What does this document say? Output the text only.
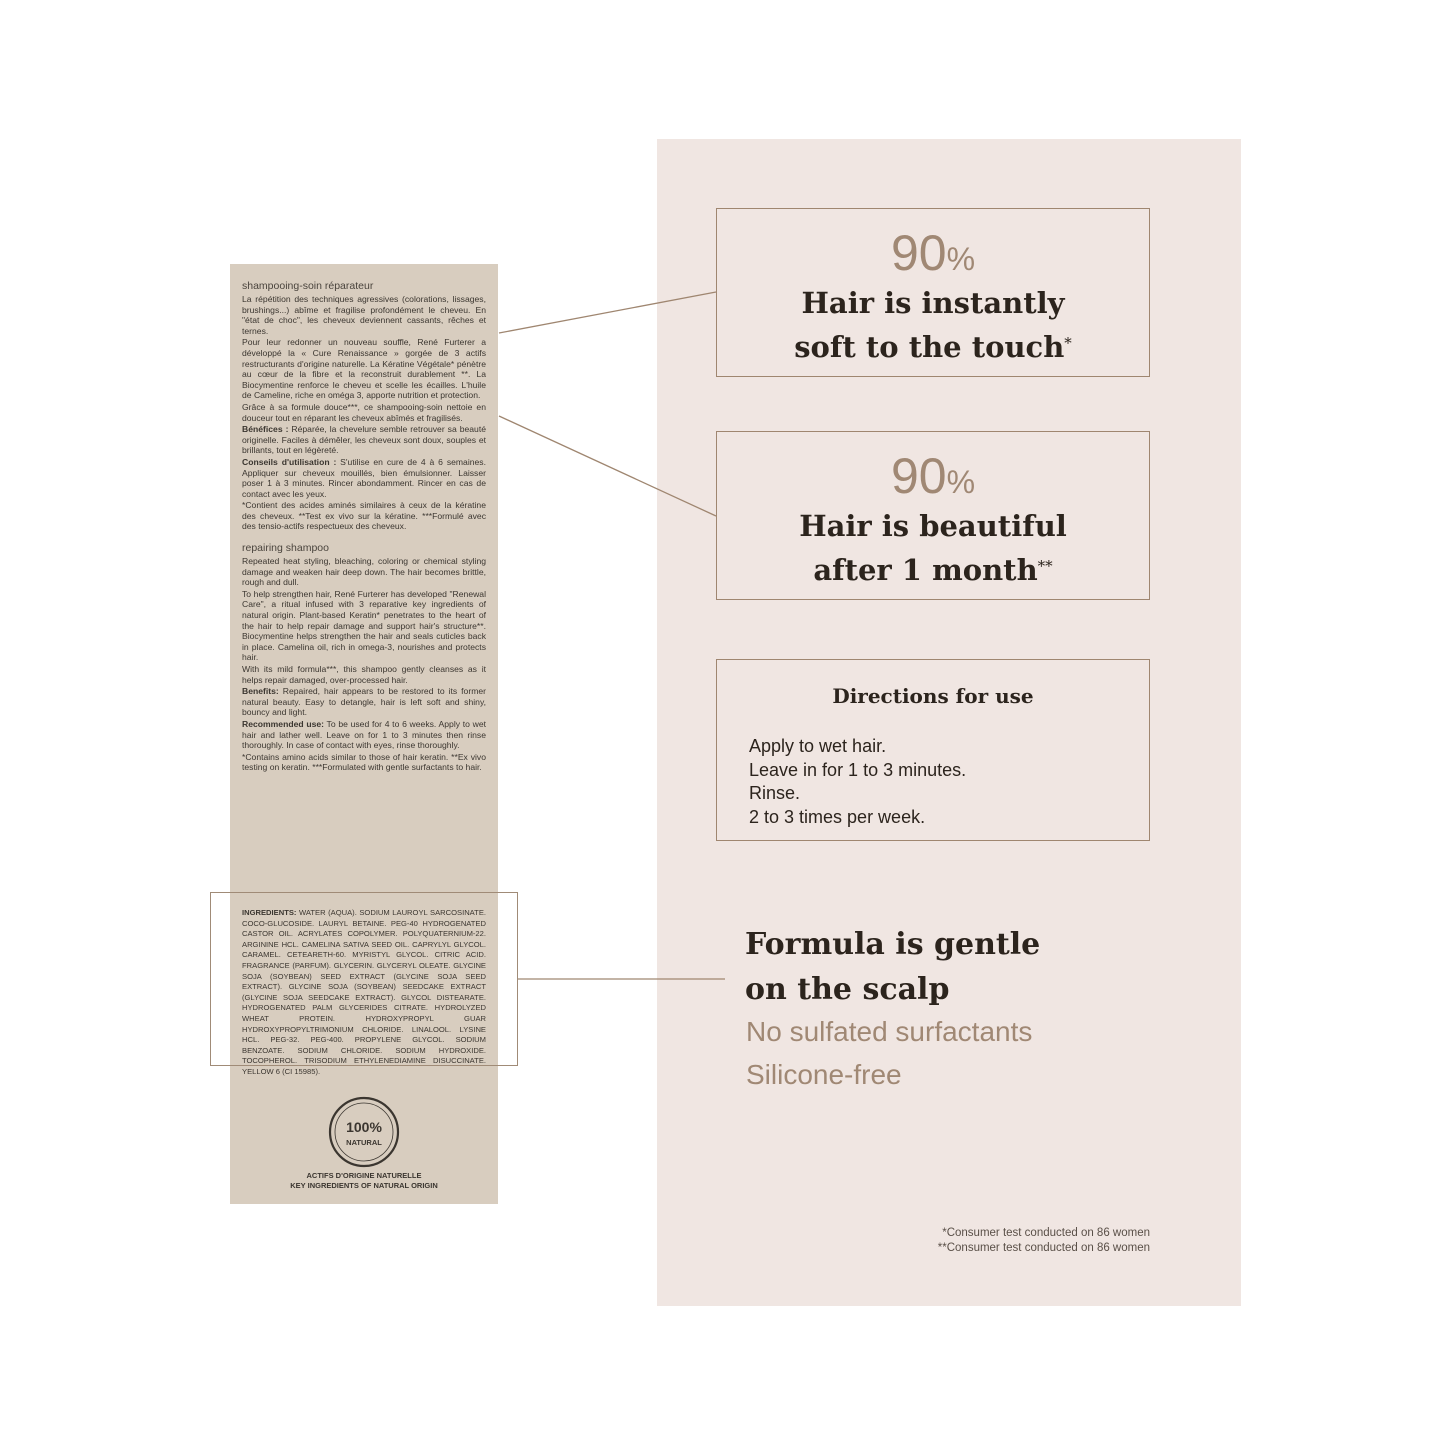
shampooing-soin réparateur

La répétition des techniques agressives (colorations, lissages, brushings...) abîme et fragilise profondément le cheveu. En "état de choc", les cheveux deviennent cassants, rêches et ternes.

Pour leur redonner un nouveau souffle, René Furterer a développé la « Cure Renaissance » gorgée de 3 actifs restructurants d'origine naturelle. La Kératine Végétale* pénètre au cœur de la fibre et la reconstruit durablement **. La Biocymentine renforce le cheveu et scelle les écailles. L'huile de Cameline, riche en oméga 3, apporte nutrition et protection.

Grâce à sa formule douce***, ce shampooing-soin nettoie en douceur tout en réparant les cheveux abîmés et fragilisés.

Bénéfices : Réparée, la chevelure semble retrouver sa beauté originelle. Faciles à démêler, les cheveux sont doux, souples et brillants, tout en légèreté.

Conseils d'utilisation : S'utilise en cure de 4 à 6 semaines. Appliquer sur cheveux mouillés, bien émulsionner. Laisser poser 1 à 3 minutes. Rincer abondamment. Rincer en cas de contact avec les yeux.

*Contient des acides aminés similaires à ceux de la kératine des cheveux. **Test ex vivo sur la kératine. ***Formulé avec des tensio-actifs respectueux des cheveux.

repairing shampoo

Repeated heat styling, bleaching, coloring or chemical styling damage and weaken hair deep down. The hair becomes brittle, rough and dull.

To help strengthen hair, René Furterer has developed "Renewal Care", a ritual infused with 3 reparative key ingredients of natural origin. Plant-based Keratin* penetrates to the heart of the hair to help repair damage and support hair's structure**. Biocymentine helps strengthen the hair and seals cuticles back in place. Camelina oil, rich in omega-3, nourishes and protects hair.

With its mild formula***, this shampoo gently cleanses as it helps repair damaged, over-processed hair.

Benefits: Repaired, hair appears to be restored to its former natural beauty. Easy to detangle, hair is left soft and shiny, bouncy and light.

Recommended use: To be used for 4 to 6 weeks. Apply to wet hair and lather well. Leave on for 1 to 3 minutes then rinse thoroughly. In case of contact with eyes, rinse thoroughly.

*Contains amino acids similar to those of hair keratin. **Ex vivo testing on keratin. ***Formulated with gentle surfactants to hair.

INGREDIENTS: WATER (AQUA). SODIUM LAUROYL SARCOSINATE. COCO-GLUCOSIDE. LAURYL BETAINE. PEG-40 HYDROGENATED CASTOR OIL. ACRYLATES COPOLYMER. POLYQUATERNIUM-22. ARGININE HCL. CAMELINA SATIVA SEED OIL. CAPRYLYL GLYCOL. CARAMEL. CETEARETH-60. MYRISTYL GLYCOL. CITRIC ACID. FRAGRANCE (PARFUM). GLYCERIN. GLYCERYL OLEATE. GLYCINE SOJA (SOYBEAN) SEED EXTRACT (GLYCINE SOJA SEED EXTRACT). GLYCINE SOJA (SOYBEAN) SEEDCAKE EXTRACT (GLYCINE SOJA SEEDCAKE EXTRACT). GLYCOL DISTEARATE. HYDROGENATED PALM GLYCERIDES CITRATE. HYDROLYZED WHEAT PROTEIN. HYDROXYPROPYL GUAR HYDROXYPROPYLTRIMONIUM CHLORIDE. LINALOOL. LYSINE HCL. PEG-32. PEG-400. PROPYLENE GLYCOL. SODIUM BENZOATE. SODIUM CHLORIDE. SODIUM HYDROXIDE. TOCOPHEROL. TRISODIUM ETHYLENEDIAMINE DISUCCINATE. YELLOW 6 (CI 15985).
100%
NATURAL
ACTIFS D'ORIGINE NATURELLE
KEY INGREDIENTS OF NATURAL ORIGIN
90%
Hair is instantly
soft to the touch*
90%
Hair is beautiful
after 1 month**
Directions for use
Apply to wet hair.
Leave in for 1 to 3 minutes.
Rinse.
2 to 3 times per week.
Formula is gentle
on the scalp
No sulfated surfactants
Silicone-free
*Consumer test conducted on 86 women
**Consumer test conducted on 86 women
